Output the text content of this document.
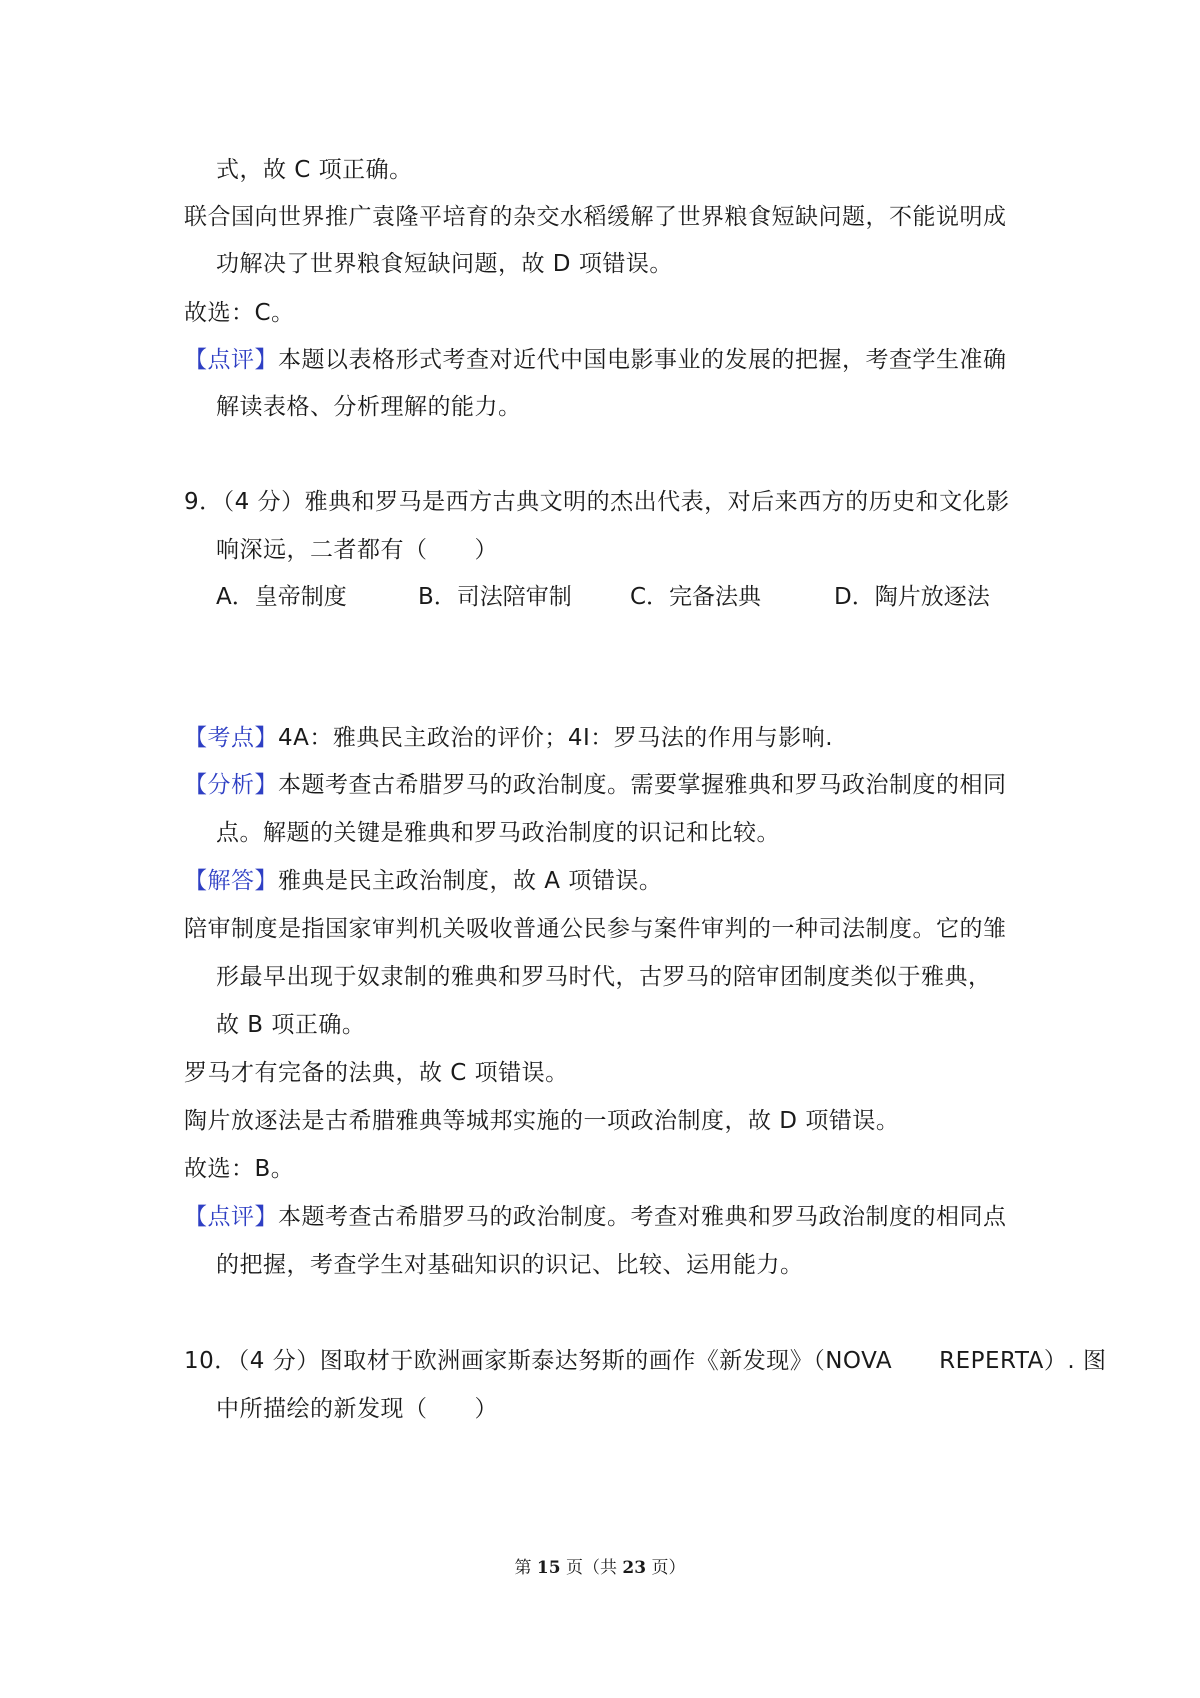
式，故 C 项正确。
联合国向世界推广袁隆平培育的杂交水稻缓解了世界粮食短缺问题，不能说明成
功解决了世界粮食短缺问题，故 D 项错误。
故选：C。
【点评】本题以表格形式考查对近代中国电影事业的发展的把握，考查学生准确
解读表格、分析理解的能力。
9．（4 分）雅典和罗马是西方古典文明的杰出代表，对后来西方的历史和文化影
响深远，二者都有（　　）
A．皇帝制度	B．司法陪审制	C．完备法典	D．陶片放逐法
【考点】4A：雅典民主政治的评价；4I：罗马法的作用与影响.
【分析】本题考查古希腊罗马的政治制度。需要掌握雅典和罗马政治制度的相同
点。解题的关键是雅典和罗马政治制度的识记和比较。
【解答】雅典是民主政治制度，故 A 项错误。
陪审制度是指国家审判机关吸收普通公民参与案件审判的一种司法制度。它的雏
形最早出现于奴隶制的雅典和罗马时代，古罗马的陪审团制度类似于雅典，
故 B 项正确。
罗马才有完备的法典，故 C 项错误。
陶片放逐法是古希腊雅典等城邦实施的一项政治制度，故 D 项错误。
故选：B。
【点评】本题考查古希腊罗马的政治制度。考查对雅典和罗马政治制度的相同点
的把握，考查学生对基础知识的识记、比较、运用能力。
10．（4 分）图取材于欧洲画家斯泰达努斯的画作《新发现》（NOVA　　REPERTA）. 图
中所描绘的新发现（　　）
第 15 页（共 23 页）
